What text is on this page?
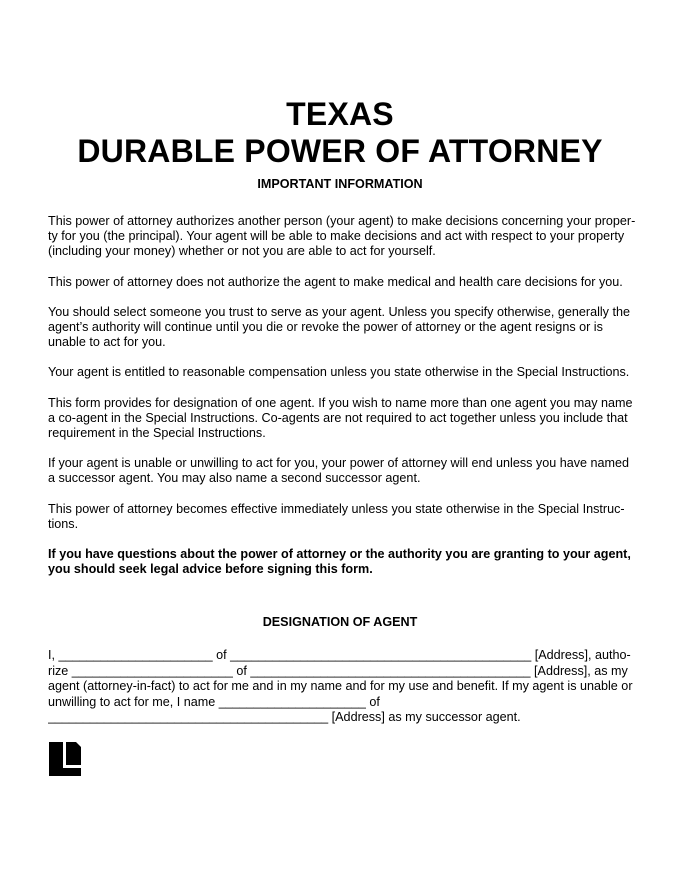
TEXAS
DURABLE POWER OF ATTORNEY
IMPORTANT INFORMATION

This power of attorney authorizes another person (your agent) to make decisions concerning your property for you (the principal). Your agent will be able to make decisions and act with respect to your property (including your money) whether or not you are able to act for yourself.

This power of attorney does not authorize the agent to make medical and health care decisions for you.

You should select someone you trust to serve as your agent. Unless you specify otherwise, generally the agent’s authority will continue until you die or revoke the power of attorney or the agent resigns or is unable to act for you.

Your agent is entitled to reasonable compensation unless you state otherwise in the Special Instructions.

This form provides for designation of one agent. If you wish to name more than one agent you may name a co-agent in the Special Instructions. Co-agents are not required to act together unless you include that requirement in the Special Instructions.

If your agent is unable or unwilling to act for you, your power of attorney will end unless you have named a successor agent. You may also name a second successor agent.

This power of attorney becomes effective immediately unless you state otherwise in the Special Instructions.

If you have questions about the power of attorney or the authority you are granting to your agent, you should seek legal advice before signing this form.

DESIGNATION OF AGENT
I, ______________________ of ___________________________________________ [Address], autho-
rize _______________________ of ________________________________________ [Address], as my
agent (attorney-in-fact) to act for me and in my name and for my use and benefit. If my agent is unable or
unwilling to act for me, I name _____________________ of
________________________________________ [Address] as my successor agent.
